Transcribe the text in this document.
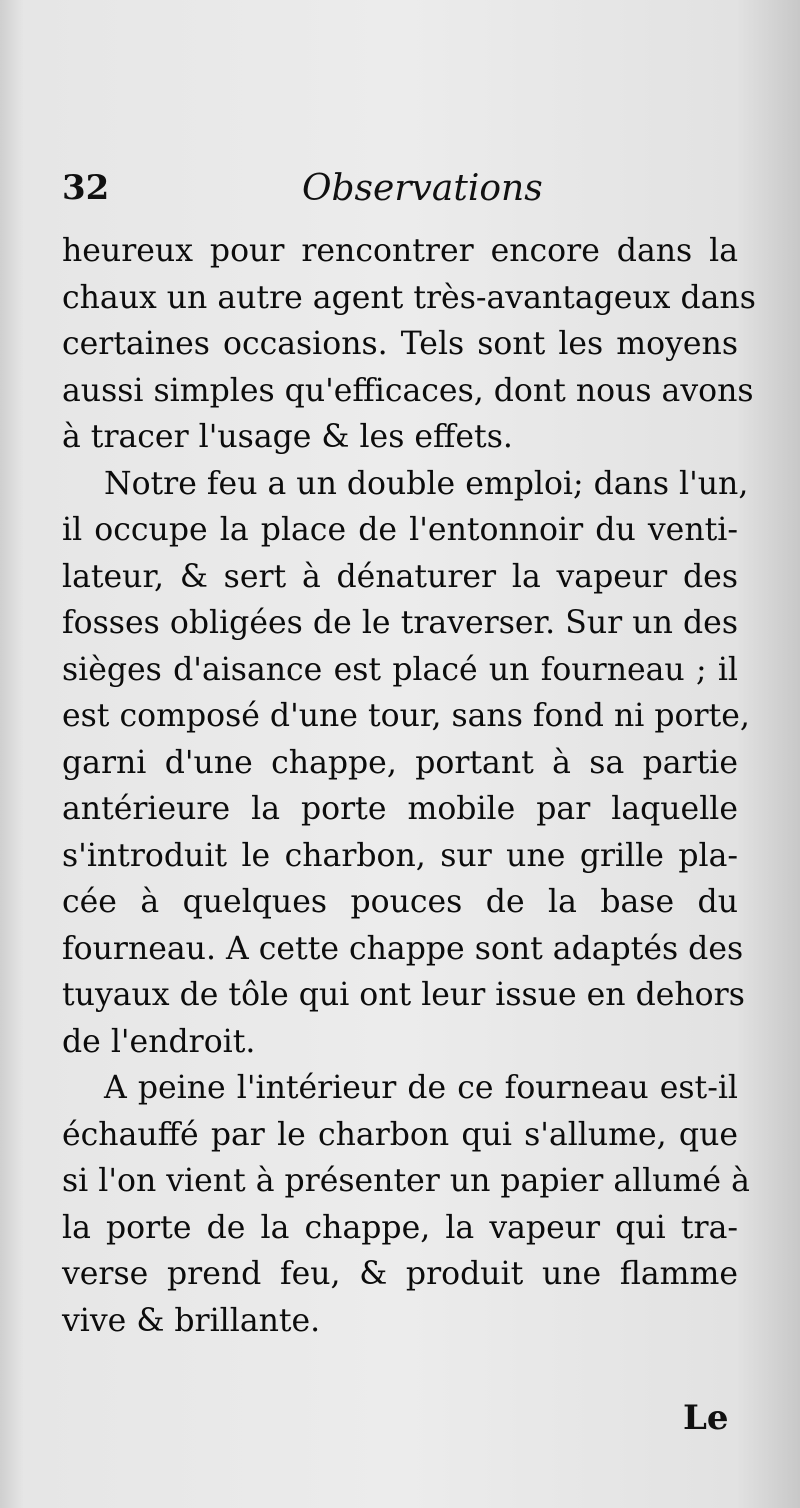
32	Observations
heureux pour rencontrer encore dans la
chaux un autre agent très-avantageux dans
certaines occasions. Tels sont les moyens
aussi simples qu'efficaces, dont nous avons
à tracer l'usage & les effets.
Notre feu a un double emploi; dans l'un,
il occupe la place de l'entonnoir du venti-
lateur, & sert à dénaturer la vapeur des
fosses obligées de le traverser. Sur un des
sièges d'aisance est placé un fourneau ; il
est composé d'une tour, sans fond ni porte,
garni d'une chappe, portant à sa partie
antérieure la porte mobile par laquelle
s'introduit le charbon, sur une grille pla-
cée à quelques pouces de la base du
fourneau. A cette chappe sont adaptés des
tuyaux de tôle qui ont leur issue en dehors
de l'endroit.
A peine l'intérieur de ce fourneau est-il
échauffé par le charbon qui s'allume, que
si l'on vient à présenter un papier allumé à
la porte de la chappe, la vapeur qui tra-
verse prend feu, & produit une flamme
vive & brillante.
Le
